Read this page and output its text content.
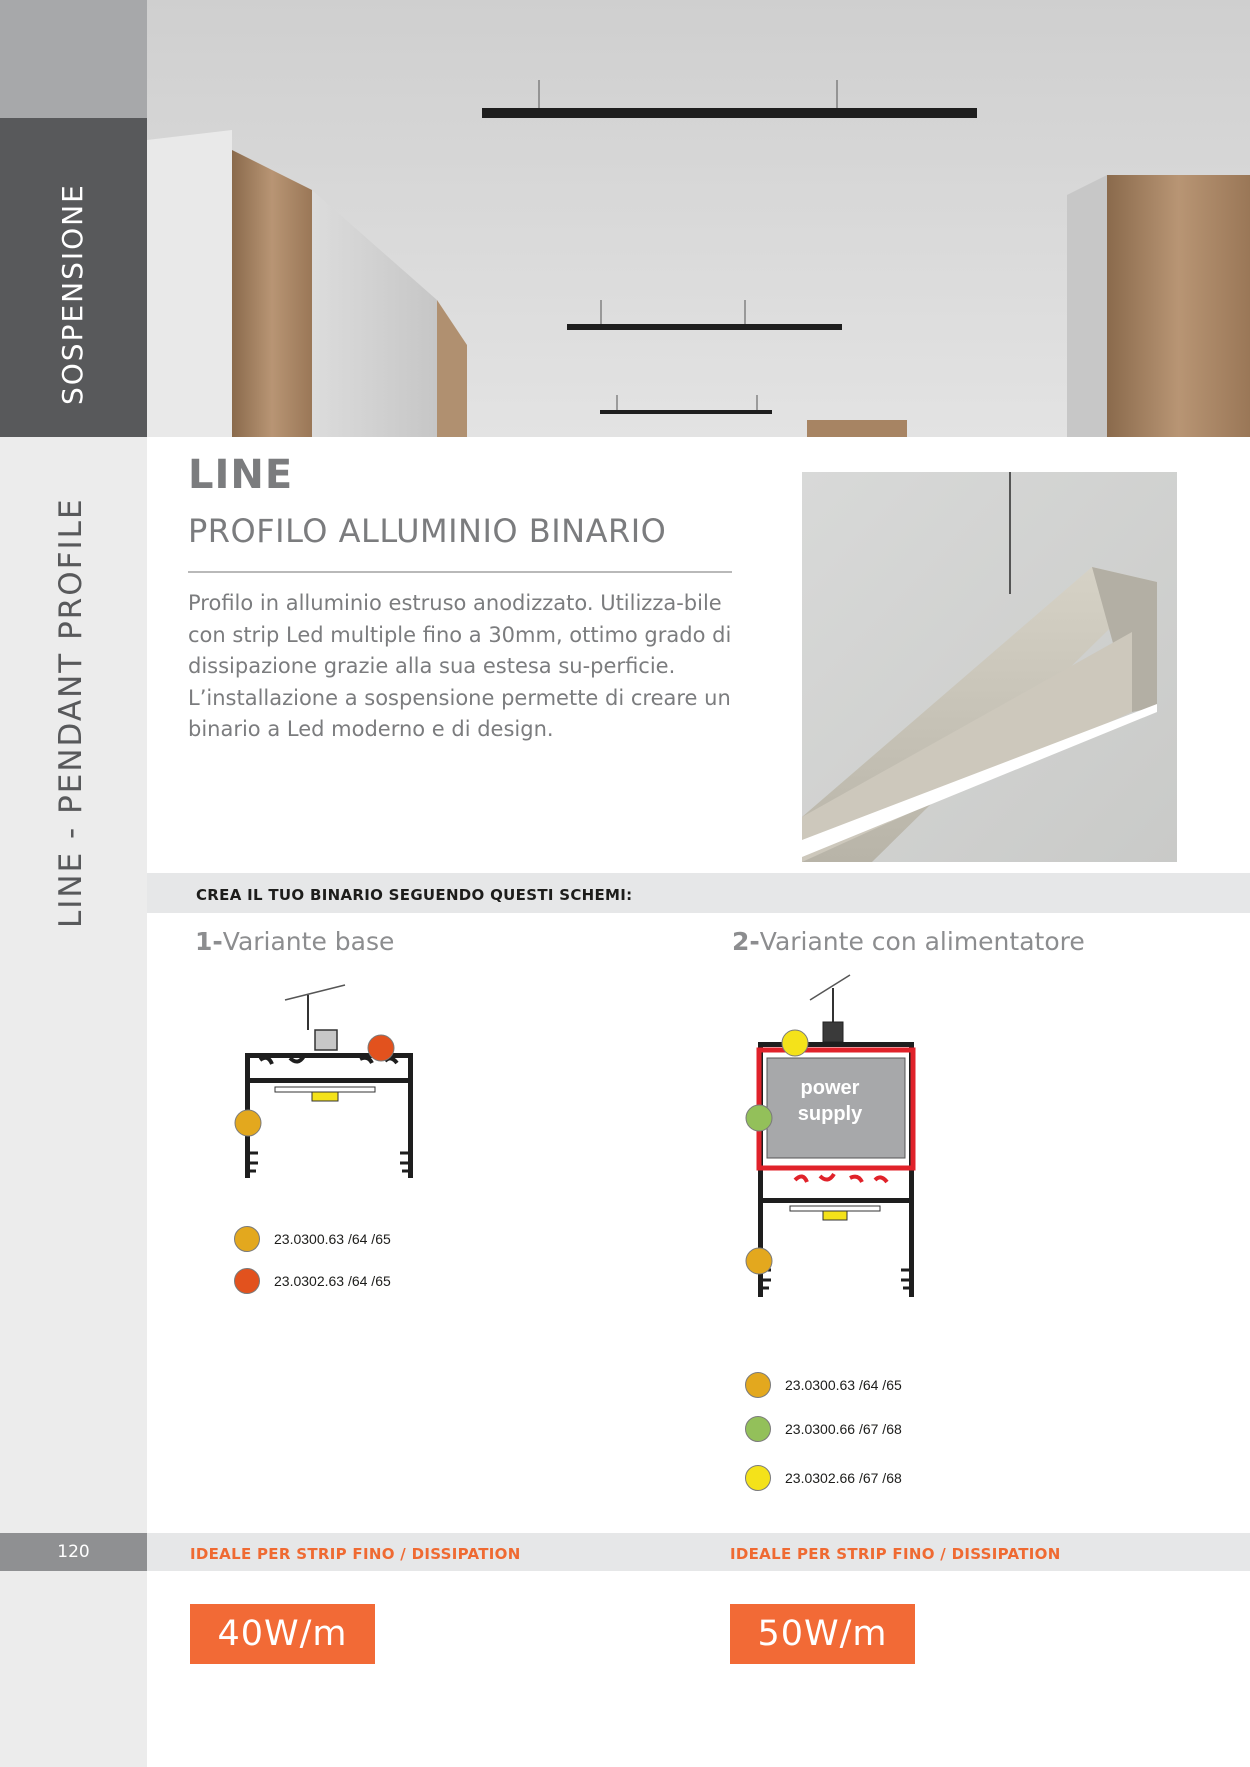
SOSPENSIONE
LINE - PENDANT PROFILE
120
LINE
PROFILO ALLUMINIO BINARIO
Profilo in alluminio estruso anodizzato. Utilizza-bile con strip Led multiple fino a 30mm, ottimo grado di dissipazione grazie alla sua estesa su-perficie. L’installazione a sospensione permette di creare un binario a Led moderno e di design.
CREA IL TUO BINARIO SEGUENDO QUESTI SCHEMI:
1-Variante base	2-Variante con alimentatore
23.0300.63 /64 /65
23.0302.63 /64 /65
power
supply
23.0300.63 /64 /65
23.0300.66 /67 /68
23.0302.66 /67 /68
IDEALE PER STRIP FINO / DISSIPATION	IDEALE PER STRIP FINO / DISSIPATION
40W/m	50W/m
